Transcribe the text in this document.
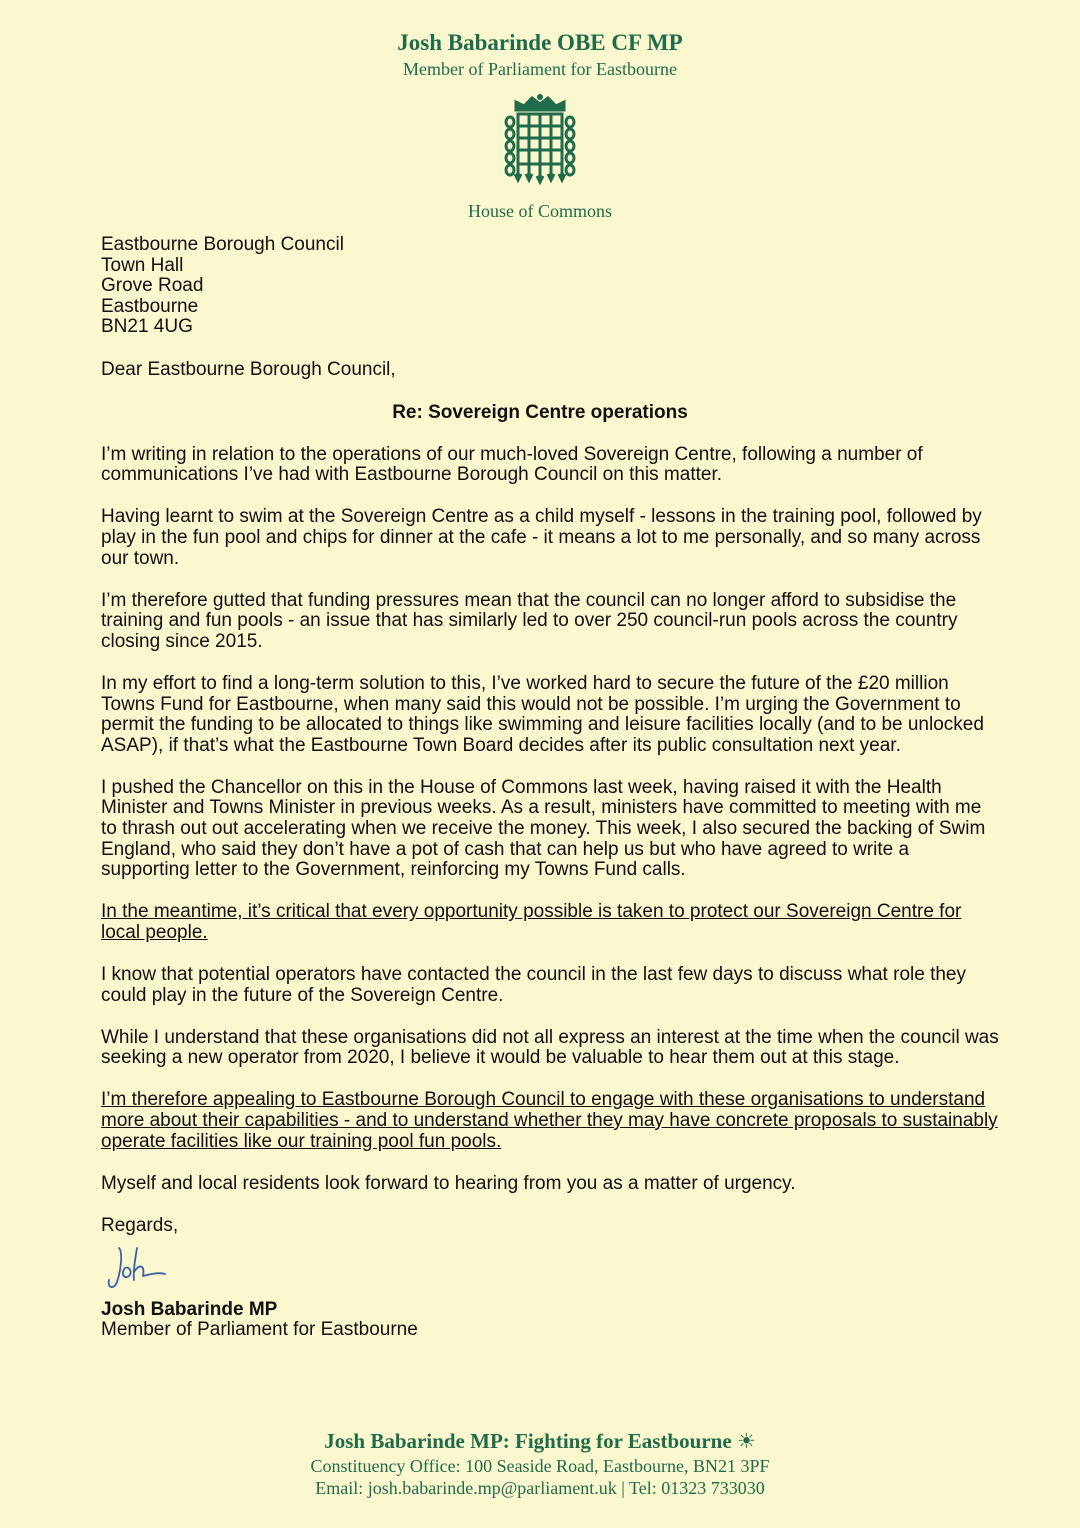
Josh Babarinde OBE CF MP
Member of Parliament for Eastbourne
House of Commons

Eastbourne Borough Council
Town Hall
Grove Road
Eastbourne
BN21 4UG

Dear Eastbourne Borough Council,

Re: Sovereign Centre operations

I’m writing in relation to the operations of our much-loved Sovereign Centre, following a number of communications I’ve had with Eastbourne Borough Council on this matter.

Having learnt to swim at the Sovereign Centre as a child myself - lessons in the training pool, followed by play in the fun pool and chips for dinner at the cafe - it means a lot to me personally, and so many across our town.

I’m therefore gutted that funding pressures mean that the council can no longer afford to subsidise the training and fun pools - an issue that has similarly led to over 250 council-run pools across the country closing since 2015.

In my effort to find a long-term solution to this, I’ve worked hard to secure the future of the £20 million Towns Fund for Eastbourne, when many said this would not be possible. I’m urging the Government to permit the funding to be allocated to things like swimming and leisure facilities locally (and to be unlocked ASAP), if that’s what the Eastbourne Town Board decides after its public consultation next year.

I pushed the Chancellor on this in the House of Commons last week, having raised it with the Health Minister and Towns Minister in previous weeks. As a result, ministers have committed to meeting with me to thrash out out accelerating when we receive the money. This week, I also secured the backing of Swim England, who said they don’t have a pot of cash that can help us but who have agreed to write a supporting letter to the Government, reinforcing my Towns Fund calls.

In the meantime, it’s critical that every opportunity possible is taken to protect our Sovereign Centre for local people.

I know that potential operators have contacted the council in the last few days to discuss what role they could play in the future of the Sovereign Centre.

While I understand that these organisations did not all express an interest at the time when the council was seeking a new operator from 2020, I believe it would be valuable to hear them out at this stage.

I’m therefore appealing to Eastbourne Borough Council to engage with these organisations to understand more about their capabilities - and to understand whether they may have concrete proposals to sustainably operate facilities like our training pool fun pools.

Myself and local residents look forward to hearing from you as a matter of urgency.

Regards,

Josh Babarinde MP

Member of Parliament for Eastbourne

Josh Babarinde MP: Fighting for Eastbourne ☀
Constituency Office: 100 Seaside Road, Eastbourne, BN21 3PF
Email: josh.babarinde.mp@parliament.uk | Tel: 01323 733030
